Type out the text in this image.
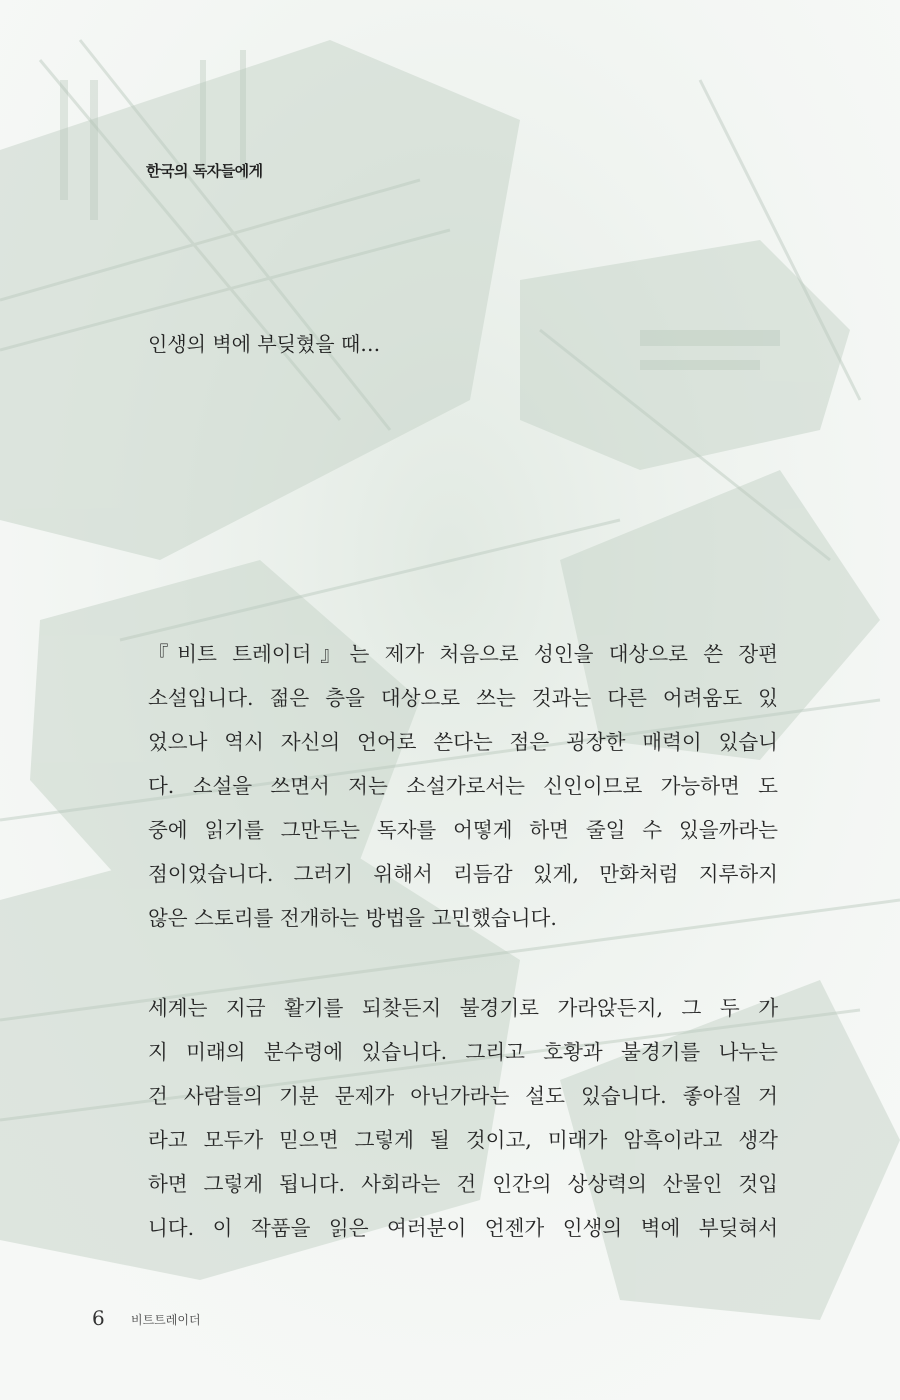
한국의 독자들에게
인생의 벽에 부딪혔을 때…
『비트 트레이더』는 제가 처음으로 성인을 대상으로 쓴 장편
소설입니다. 젊은 층을 대상으로 쓰는 것과는 다른 어려움도 있
었으나 역시 자신의 언어로 쓴다는 점은 굉장한 매력이 있습니
다. 소설을 쓰면서 저는 소설가로서는 신인이므로 가능하면 도
중에 읽기를 그만두는 독자를 어떻게 하면 줄일 수 있을까라는
점이었습니다. 그러기 위해서 리듬감 있게, 만화처럼 지루하지
않은 스토리를 전개하는 방법을 고민했습니다.
세계는 지금 활기를 되찾든지 불경기로 가라앉든지, 그 두 가
지 미래의 분수령에 있습니다. 그리고 호황과 불경기를 나누는
건 사람들의 기분 문제가 아닌가라는 설도 있습니다. 좋아질 거
라고 모두가 믿으면 그렇게 될 것이고, 미래가 암흑이라고 생각
하면 그렇게 됩니다. 사회라는 건 인간의 상상력의 산물인 것입
니다. 이 작품을 읽은 여러분이 언젠가 인생의 벽에 부딪혀서
6 비트트레이더
